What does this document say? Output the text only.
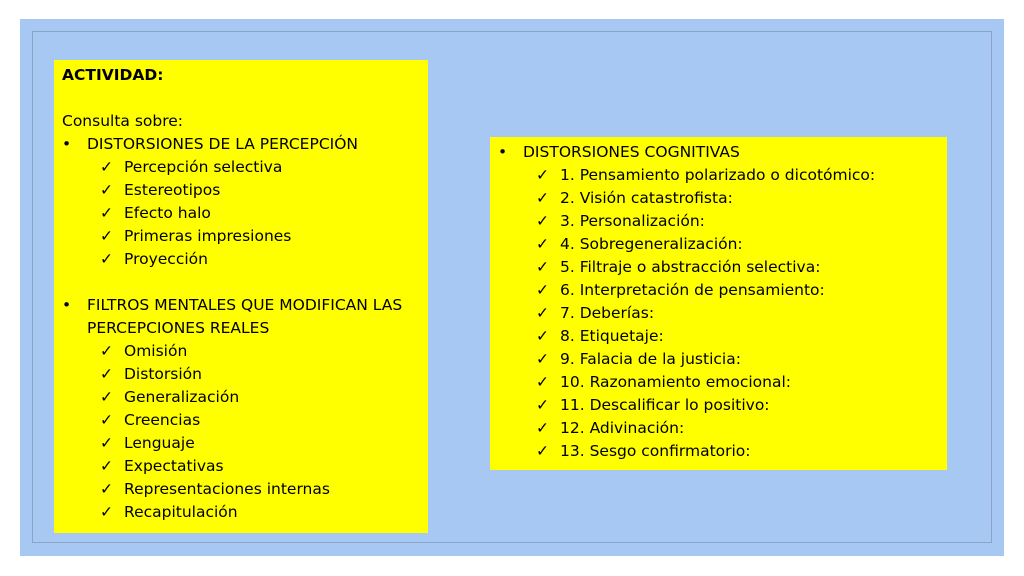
ACTIVIDAD:
Consulta sobre:
•	DISTORSIONES DE LA PERCEPCIÓN
✓ Percepción selectiva
✓ Estereotipos
✓ Efecto halo
✓ Primeras impresiones
✓ Proyección
•	FILTROS MENTALES QUE MODIFICAN LAS
PERCEPCIONES REALES
✓ Omisión
✓ Distorsión
✓ Generalización
✓ Creencias
✓ Lenguaje
✓ Expectativas
✓ Representaciones internas
✓ Recapitulación
•	DISTORSIONES COGNITIVAS
✓ 1. Pensamiento polarizado o dicotómico:
✓ 2. Visión catastrofista:
✓ 3. Personalización:
✓ 4. Sobregeneralización:
✓ 5. Filtraje o abstracción selectiva:
✓ 6. Interpretación de pensamiento:
✓ 7. Deberías:
✓ 8. Etiquetaje:
✓ 9. Falacia de la justicia:
✓ 10. Razonamiento emocional:
✓ 11. Descalificar lo positivo:
✓ 12. Adivinación:
✓ 13. Sesgo confirmatorio:
